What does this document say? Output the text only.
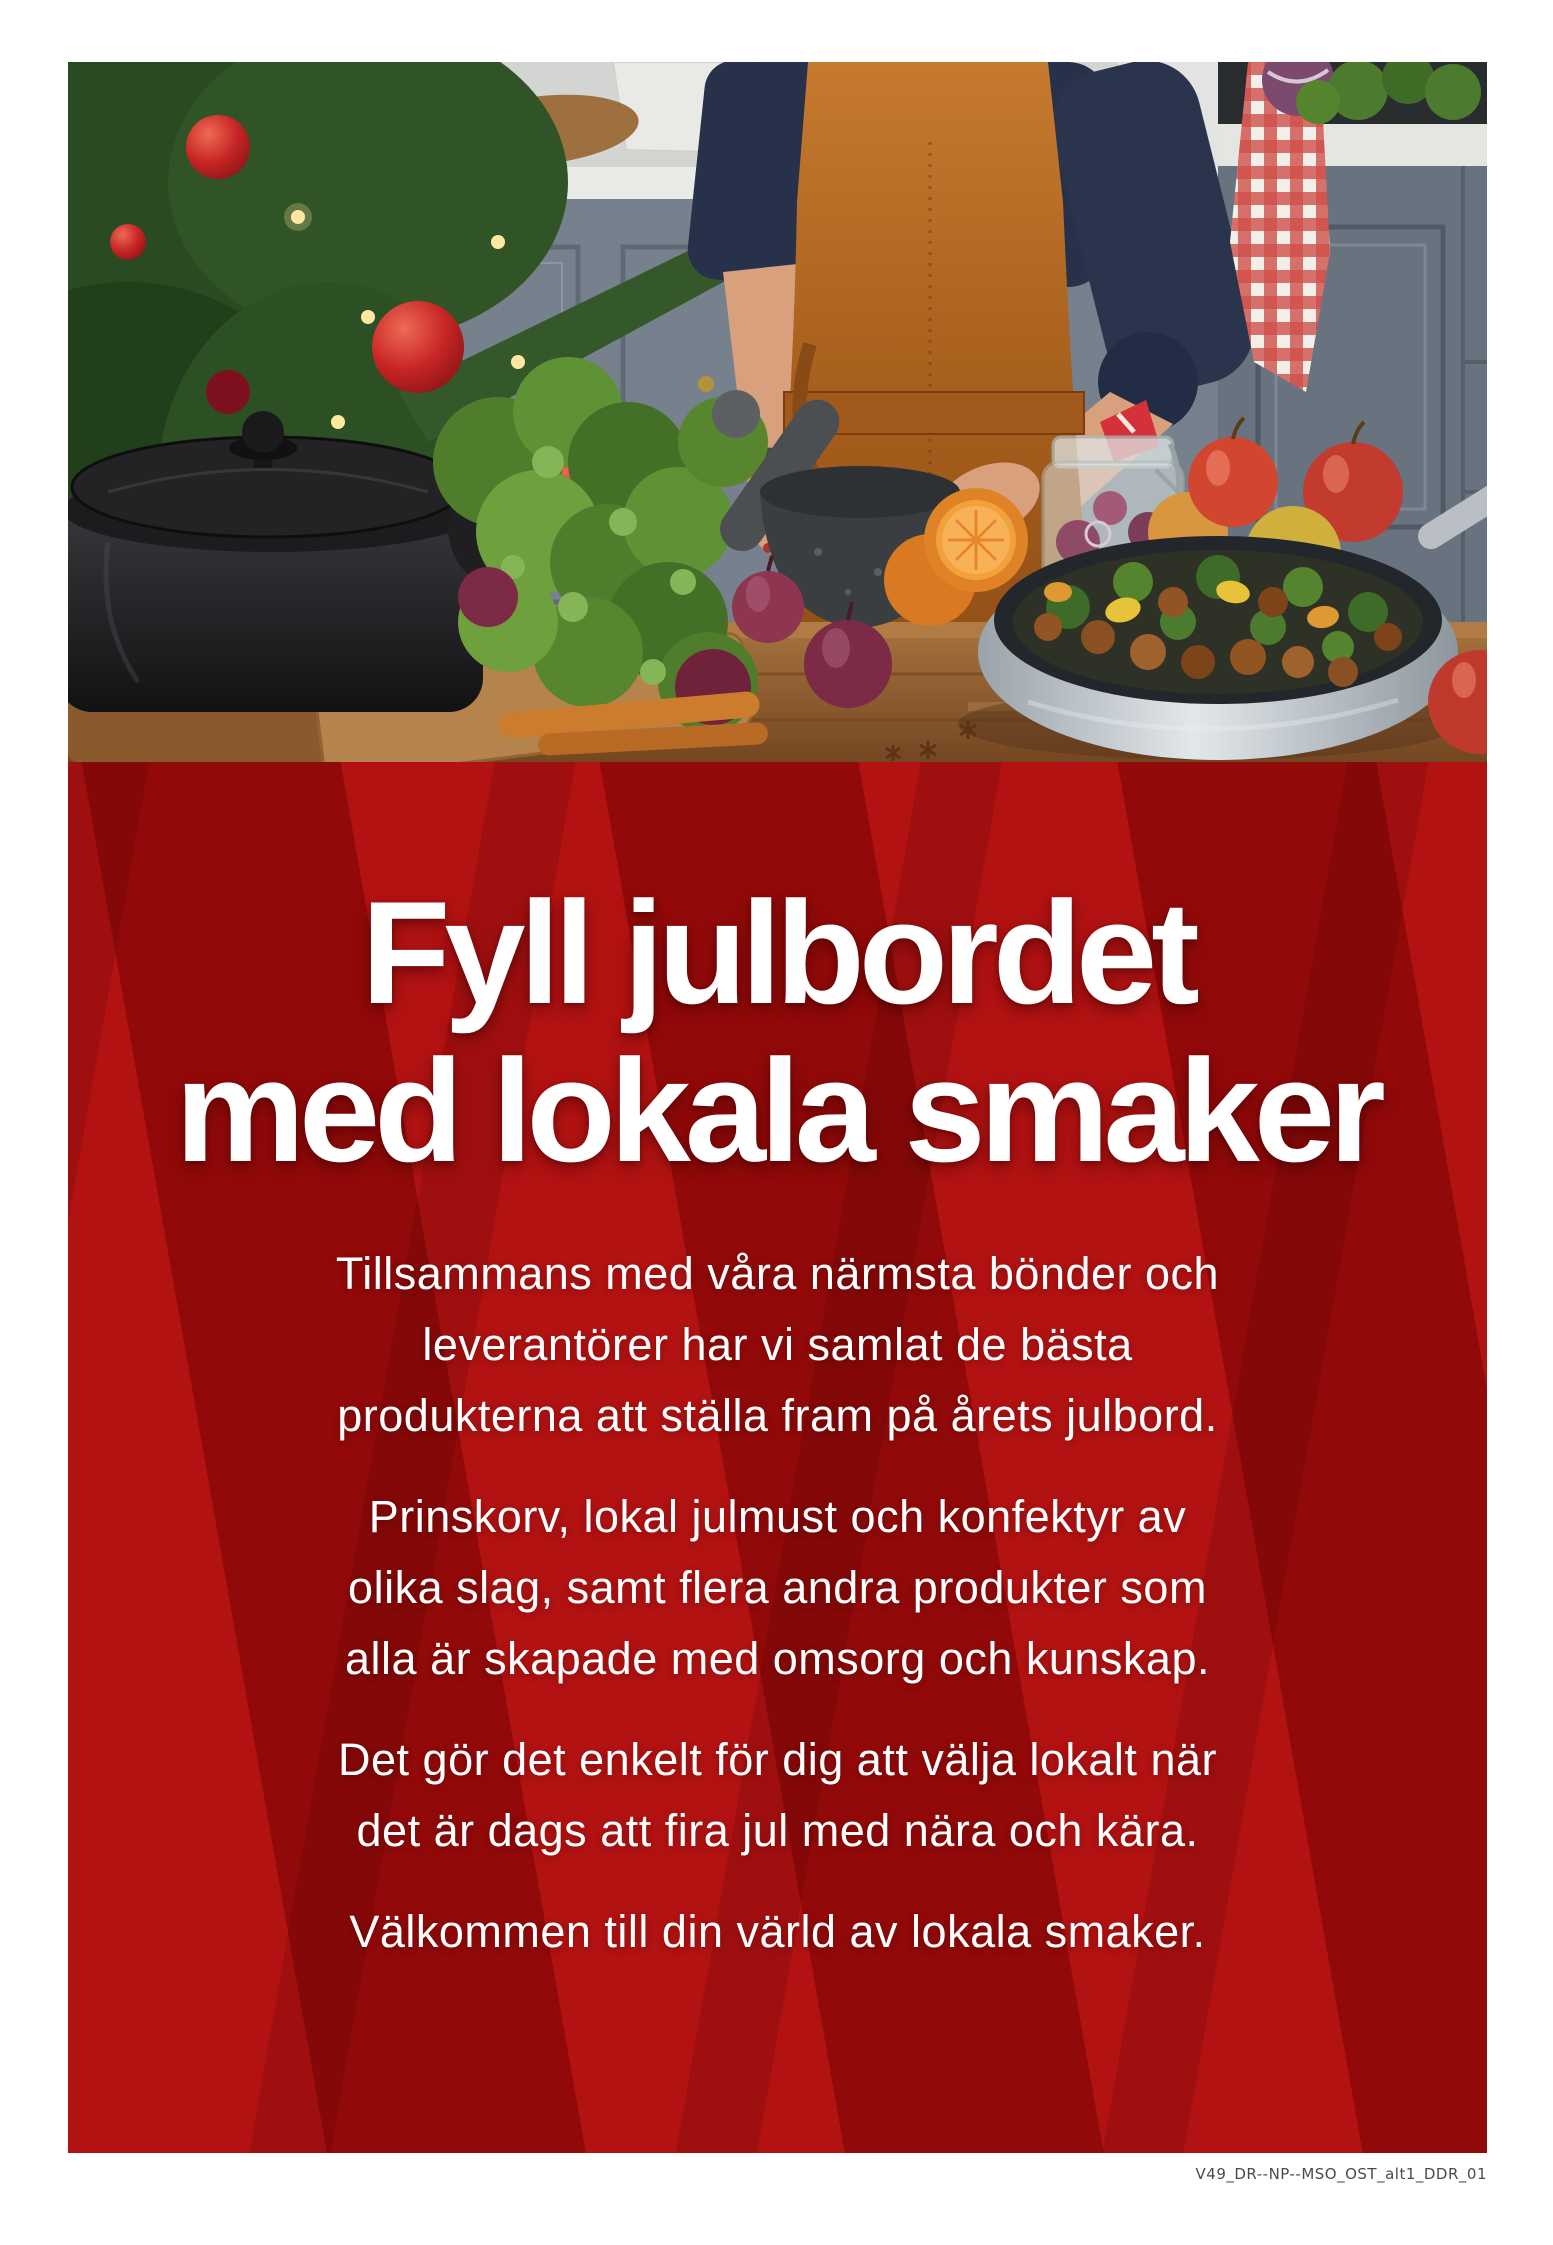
Fyll julbordet
med lokala smaker
Tillsammans med våra närmsta bönder och
leverantörer har vi samlat de bästa
produkterna att ställa fram på årets julbord.
Prinskorv, lokal julmust och konfektyr av
olika slag, samt flera andra produkter som
alla är skapade med omsorg och kunskap.
Det gör det enkelt för dig att välja lokalt när
det är dags att fira jul med nära och kära.
Välkommen till din värld av lokala smaker.
V49_DR--NP--MSO_OST_alt1_DDR_01
